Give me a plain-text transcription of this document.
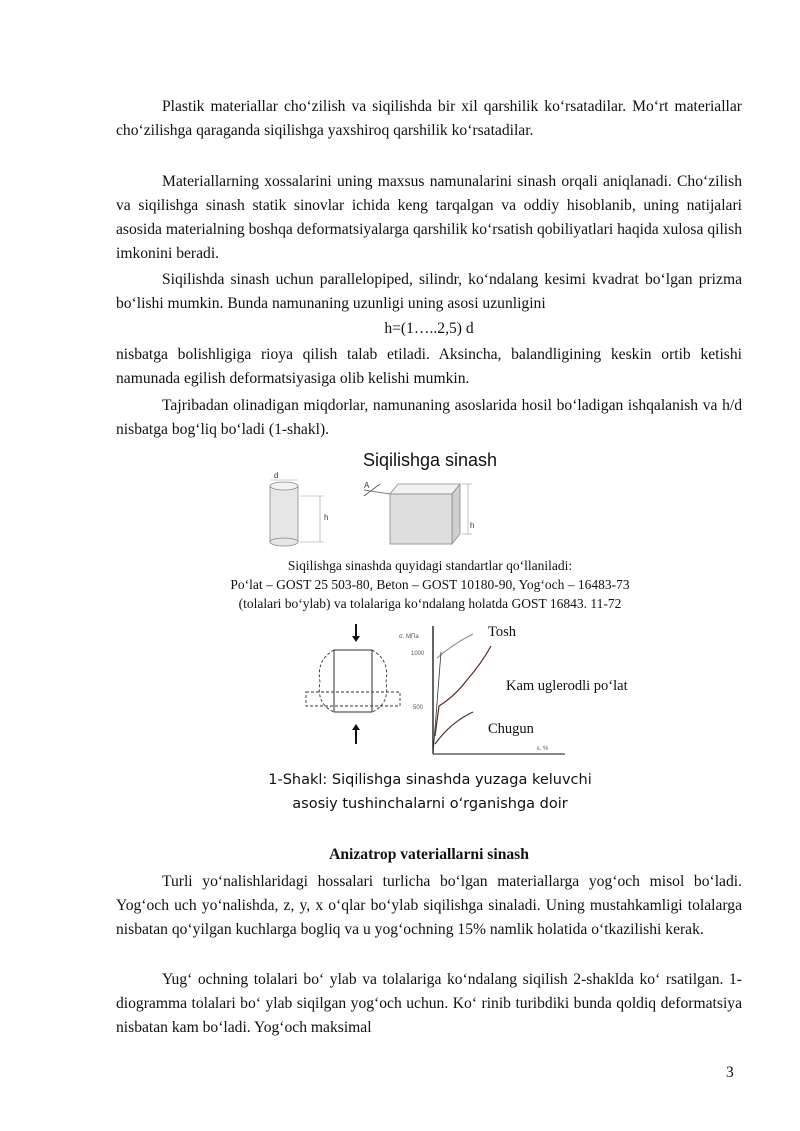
Plastik materiallar cho‘zilish va siqilishda bir xil qarshilik ko‘rsatadilar. Mo‘rt materiallar cho‘zilishga qaraganda siqilishga yaxshiroq qarshilik ko‘rsatadilar.
Materiallarning xossalarini uning maxsus namunalarini sinash orqali aniqlanadi. Cho‘zilish va siqilishga sinash statik sinovlar ichida keng tarqalgan va oddiy hisoblanib, uning natijalari asosida materialning boshqa deformatsiyalarga qarshilik ko‘rsatish qobiliyatlari haqida xulosa qilish imkonini beradi.
Siqilishda sinash uchun parallelopiped, silindr, ko‘ndalang kesimi kvadrat bo‘lgan prizma bo‘lishi mumkin. Bunda namunaning uzunligi uning asosi uzunligini
h=(1…..2,5) d
nisbatga bolishligiga rioya qilish talab etiladi. Aksincha, balandligining keskin ortib ketishi namunada egilish deformatsiyasiga olib kelishi mumkin.
Tajribadan olinadigan miqdorlar, namunaning asoslarida hosil bo‘ladigan ishqalanish va h/d nisbatga bog‘liq bo‘ladi (1-shakl).
Siqilishga sinash
d
h
A
h
Siqilishga sinashda quyidagi standartlar qo‘llaniladi:
Po‘lat – GOST 25 503-80, Beton – GOST 10180-90, Yog‘och – 16483-73
(tolalari bo‘ylab) va tolalariga ko‘ndalang holatda GOST 16843. 11-72
σ, MПа
1000
500
ε, %
Tosh
Kam uglerodli po‘lat
Chugun
1-Shakl: Siqilishga sinashda yuzaga keluvchi
asosiy tushinchalarni o‘rganishga doir
Anizatrop vateriallarni sinash
Turli yo‘nalishlaridagi hossalari turlicha bo‘lgan materiallarga yog‘och misol bo‘ladi. Yog‘och uch yo‘nalishda, z, y, x o‘qlar bo‘ylab siqilishga sinaladi. Uning mustahkamligi tolalarga nisbatan qo‘yilgan kuchlarga bogliq va u yog‘ochning 15% namlik holatida o‘tkazilishi kerak.
Yug‘ ochning tolalari bo‘ ylab va tolalariga ko‘ndalang siqilish 2-shaklda ko‘ rsatilgan. 1-diogramma tolalari bo‘ ylab siqilgan yog‘och uchun. Ko‘ rinib turibdiki bunda qoldiq deformatsiya nisbatan kam bo‘ladi. Yog‘och maksimal
3
